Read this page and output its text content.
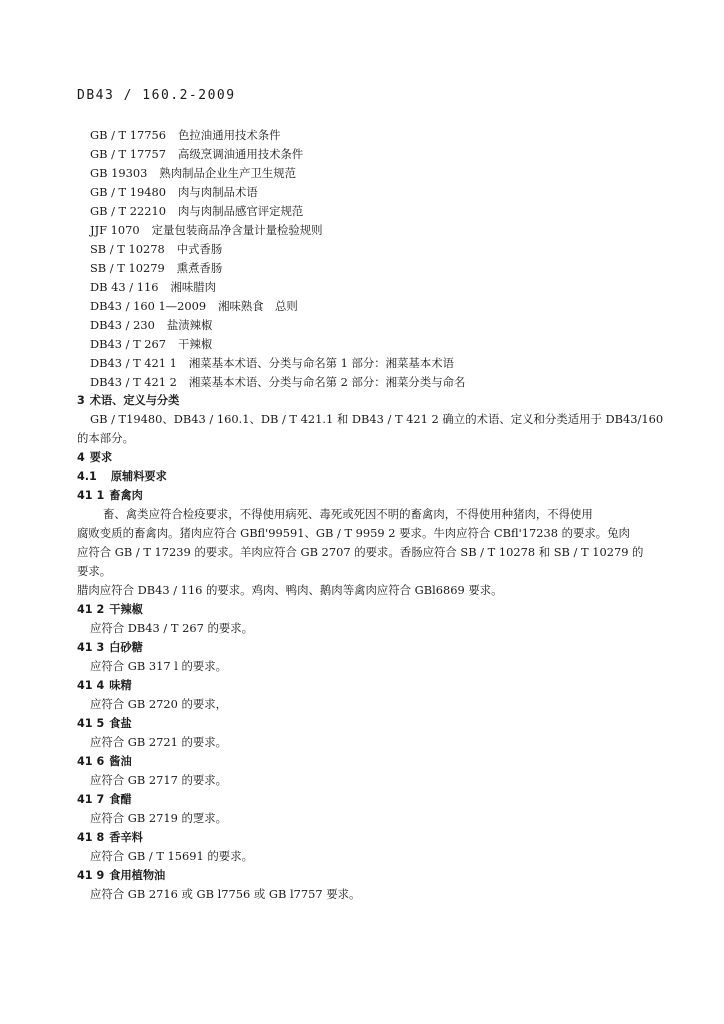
DB43 / 160.2-2009
GB / T 17756 色拉油通用技术条件
GB / T 17757 高级烹调油通用技术条件
GB 19303 熟肉制品企业生产卫生规范
GB / T 19480 肉与肉制品术语
GB / T 22210 肉与肉制品感官评定规范
JJF 1070 定量包装商品净含量计量检验规则
SB / T 10278 中式香肠
SB / T 10279 熏煮香肠
DB 43 / 116 湘味腊肉
DB43 / 160 1—2009 湘味熟食　总则
DB43 / 230 盐渍辣椒
DB43 / T 267 干辣椒
DB43 / T 421 1 湘菜基本术语、分类与命名第 1 部分：湘菜基本术语
DB43 / T 421 2 湘菜基本术语、分类与命名第 2 部分：湘菜分类与命名
3 术语、定义与分类
GB / T19480、DB43 / 160.1、DB / T 421.1 和 DB43 / T 421 2 确立的术语、定义和分类适用于 DB43/160
的本部分。
4 要求
4.1 原辅料要求
41 1 畜禽肉
畜、禽类应符合检疫要求，不得使用病死、毒死或死因不明的畜禽肉，不得使用种猪肉，不得使用
腐败变质的畜禽肉。猪肉应符合 GBfl'99591、GB / T 9959 2 要求。牛肉应符合 CBfl'17238 的要求。兔肉
应符合 GB / T 17239 的要求。羊肉应符合 GB 2707 的要求。香肠应符合 SB / T 10278 和 SB / T 10279 的
要求。
腊肉应符合 DB43 / 116 的要求。鸡肉、鸭肉、鹅肉等禽肉应符合 GBl6869 要求。
41 2 干辣椒
应符合 DB43 / T 267 的要求。
41 3 白砂糖
应符合 GB 317 l 的要求。
41 4 味精
应符合 GB 2720 的要求，
41 5 食盐
应符合 GB 2721 的要求。
41 6 酱油
应符合 GB 2717 的要求。
41 7 食醋
应符合 GB 2719 的覂求。
41 8 香辛料
应符合 GB / T 15691 的要求。
41 9 食用植物油
应符合 GB 2716 或 GB l7756 或 GB l7757 要求。
